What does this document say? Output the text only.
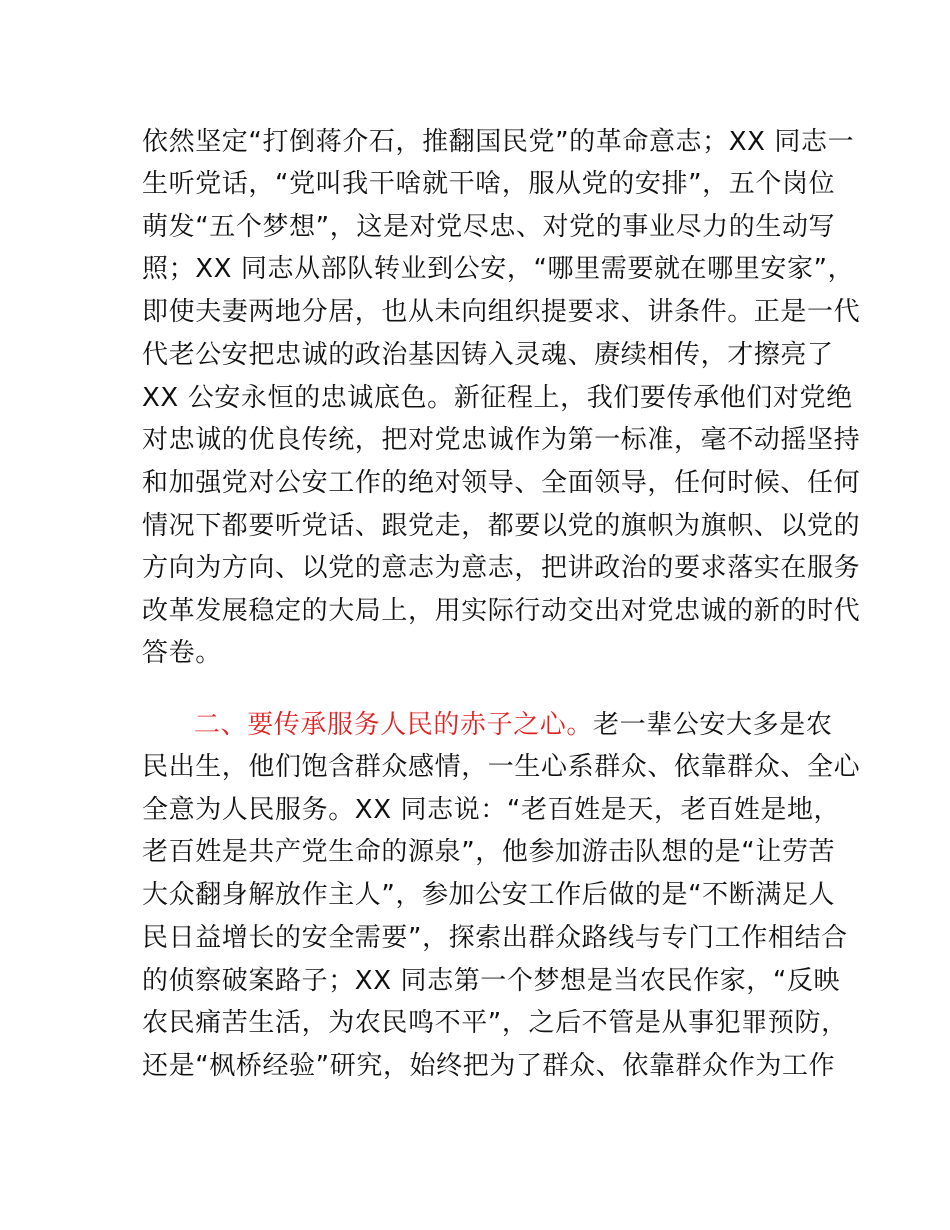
依然坚定“打倒蒋介石，推翻国民党”的革命意志；XX 同志一
生听党话，“党叫我干啥就干啥，服从党的安排”，五个岗位
萌发“五个梦想”，这是对党尽忠、对党的事业尽力的生动写
照；XX 同志从部队转业到公安，“哪里需要就在哪里安家”，
即使夫妻两地分居，也从未向组织提要求、讲条件。正是一代
代老公安把忠诚的政治基因铸入灵魂、赓续相传，才擦亮了
XX 公安永恒的忠诚底色。新征程上，我们要传承他们对党绝
对忠诚的优良传统，把对党忠诚作为第一标准，毫不动摇坚持
和加强党对公安工作的绝对领导、全面领导，任何时候、任何
情况下都要听党话、跟党走，都要以党的旗帜为旗帜、以党的
方向为方向、以党的意志为意志，把讲政治的要求落实在服务
改革发展稳定的大局上，用实际行动交出对党忠诚的新的时代
答卷。
二、要传承服务人民的赤子之心。老一辈公安大多是农
民出生，他们饱含群众感情，一生心系群众、依靠群众、全心
全意为人民服务。XX 同志说：“老百姓是天，老百姓是地，
老百姓是共产党生命的源泉”，他参加游击队想的是“让劳苦
大众翻身解放作主人”，参加公安工作后做的是“不断满足人
民日益增长的安全需要”，探索出群众路线与专门工作相结合
的侦察破案路子；XX 同志第一个梦想是当农民作家，“反映
农民痛苦生活，为农民鸣不平”，之后不管是从事犯罪预防，
还是“枫桥经验”研究，始终把为了群众、依靠群众作为工作
